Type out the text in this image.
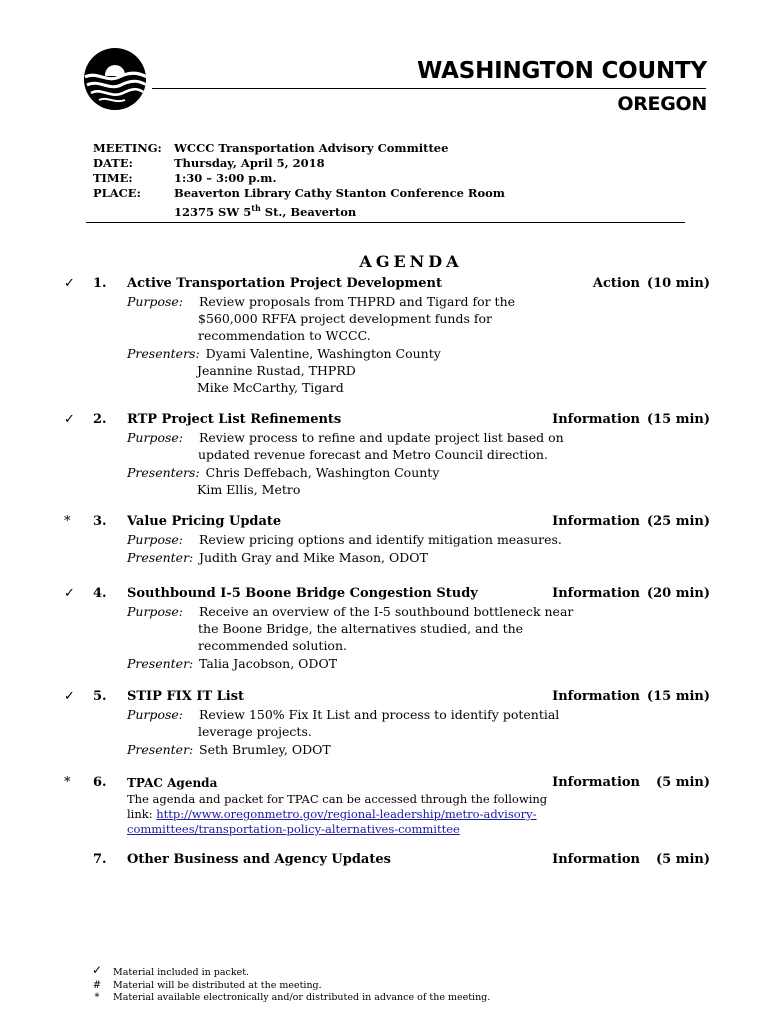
WASHINGTON COUNTY
OREGON
MEETING: WCCC Transportation Advisory Committee
DATE:	Thursday, April 5, 2018
TIME:	1:30 – 3:00 p.m.
PLACE:	Beaverton Library Cathy Stanton Conference Room
12375 SW 5th St., Beaverton
AGENDA
✓ 1. Active Transportation Project Development	Action (10 min)
Purpose: Review proposals from THPRD and Tigard for the
$560,000 RFFA project development funds for
recommendation to WCCC.
Presenters: Dyami Valentine, Washington County
Jeannine Rustad, THPRD
Mike McCarthy, Tigard
✓ 2. RTP Project List Refinements	Information (15 min)
Purpose: Review process to refine and update project list based on
updated revenue forecast and Metro Council direction.
Presenters: Chris Deffebach, Washington County
Kim Ellis, Metro
* 3. Value Pricing Update	Information (25 min)
Purpose: Review pricing options and identify mitigation measures.
Presenter: Judith Gray and Mike Mason, ODOT
✓ 4. Southbound I-5 Boone Bridge Congestion Study	Information (20 min)
Purpose: Receive an overview of the I-5 southbound bottleneck near
the Boone Bridge, the alternatives studied, and the
recommended solution.
Presenter: Talia Jacobson, ODOT
✓ 5. STIP FIX IT List	Information (15 min)
Purpose: Review 150% Fix It List and process to identify potential
leverage projects.
Presenter: Seth Brumley, ODOT
* 6. TPAC Agenda	Information (5 min)
The agenda and packet for TPAC can be accessed through the following
link: http://www.oregonmetro.gov/regional-leadership/metro-advisory-
committees/transportation-policy-alternatives-committee
7. Other Business and Agency Updates	Information (5 min)
✓	Material included in packet.
#	Material will be distributed at the meeting.
*	Material available electronically and/or distributed in advance of the meeting.
